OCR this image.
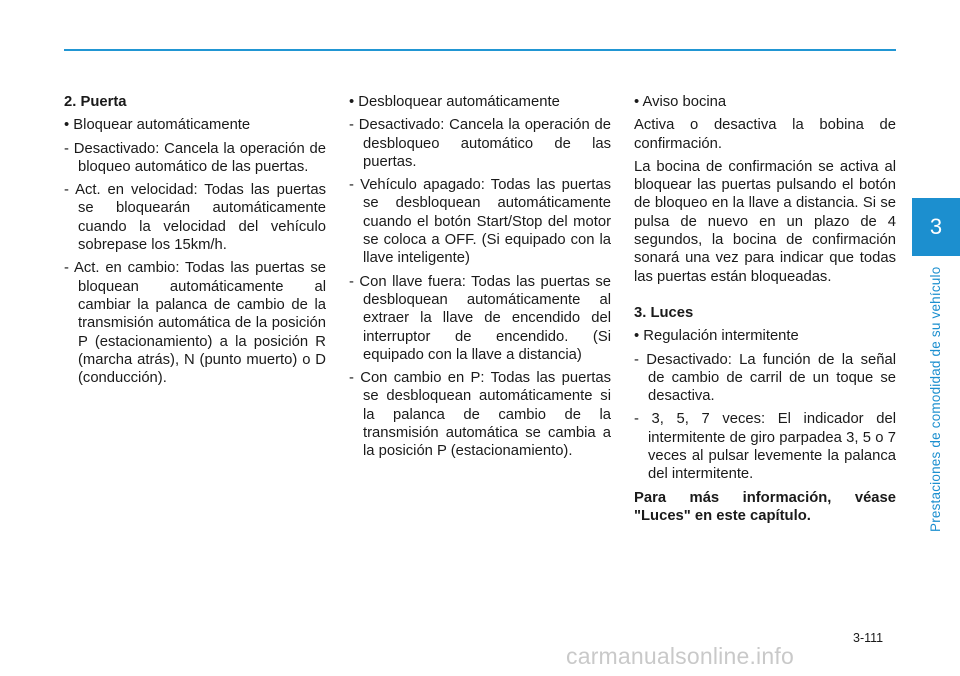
3
Prestaciones de comodidad de su vehículo

2. Puerta

• Bloquear automáticamente

- Desactivado: Cancela la operación de bloqueo automático de las puertas.

- Act. en velocidad: Todas las puertas se bloquearán automáticamente cuando la velocidad del vehículo sobrepase los 15km/h.

- Act. en cambio: Todas las puertas se bloquean automáticamente al cambiar la palanca de cambio de la transmisión automática de la posición P (estacionamiento) a la posición R (marcha atrás), N (punto muerto) o D (conducción).

• Desbloquear automáticamente

- Desactivado: Cancela la operación de desbloqueo automático de las puertas.

- Vehículo apagado: Todas las puertas se desbloquean automáticamente cuando el botón Start/Stop del motor se coloca a OFF. (Si equipado con la llave inteligente)

- Con llave fuera: Todas las puertas se desbloquean automáticamente al extraer la llave de encendido del interruptor de encendido. (Si equipado con la llave a distancia)

- Con cambio en P: Todas las puertas se desbloquean automáticamente si la palanca de cambio de la transmisión automática se cambia a la posición P (estacionamiento).

• Aviso bocina

Activa o desactiva la bobina de confirmación.

La bocina de confirmación se activa al bloquear las puertas pulsando el botón de bloqueo en la llave a distancia. Si se pulsa de nuevo en un plazo de 4 segundos, la bocina de confirmación sonará una vez para indicar que todas las puertas están bloqueadas.

3. Luces

• Regulación intermitente

- Desactivado: La función de la señal de cambio de carril de un toque se desactiva.

- 3, 5, 7 veces: El indicador del intermitente de giro parpadea 3, 5 o 7 veces al pulsar levemente la palanca del intermitente.

Para más información, véase "Luces" en este capítulo.

3-111
carmanualsonline.info
